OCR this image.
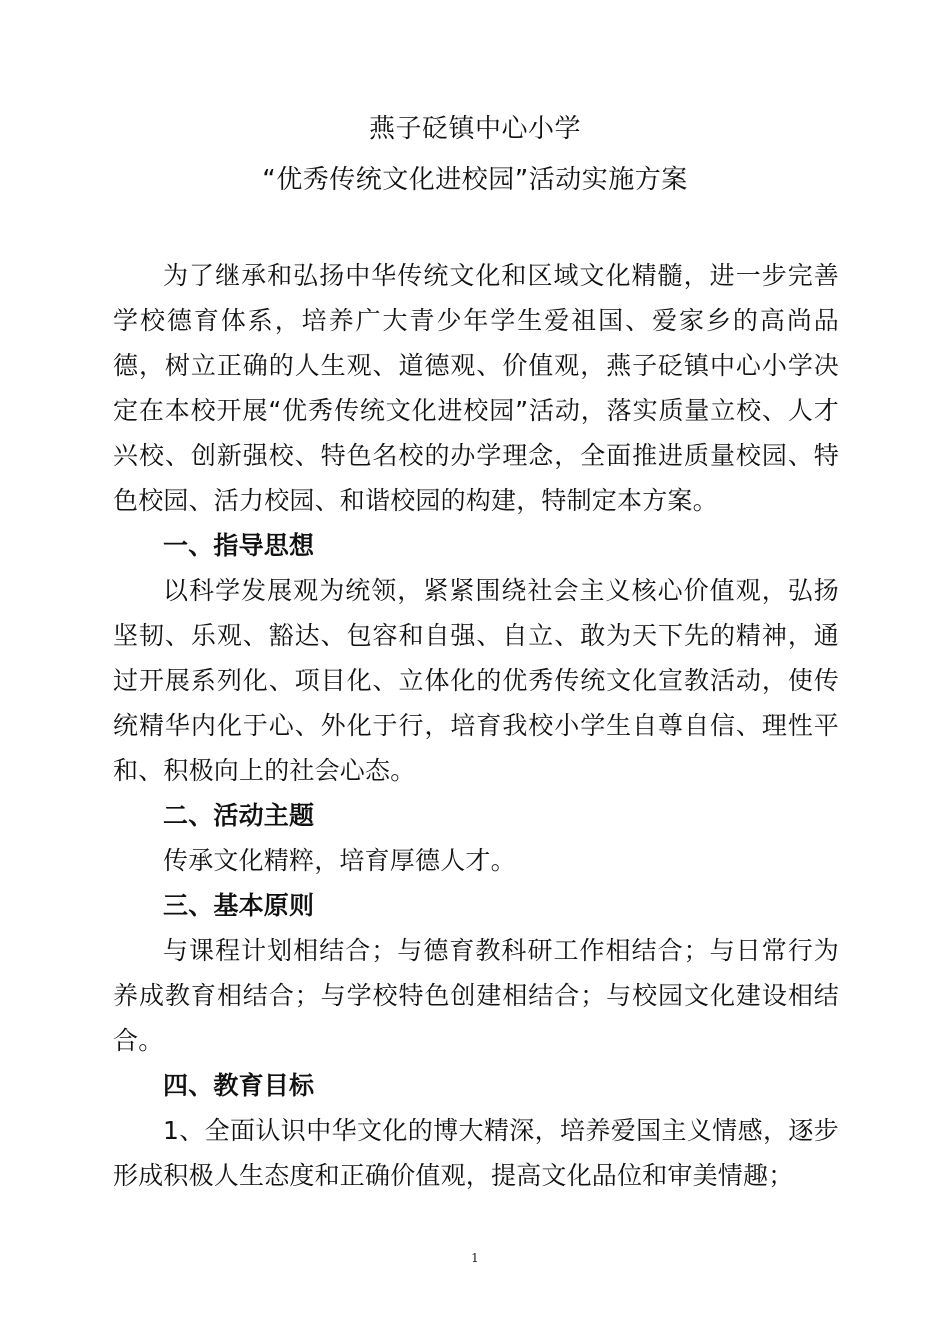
燕子砭镇中心小学
“优秀传统文化进校园”活动实施方案

为了继承和弘扬中华传统文化和区域文化精髓，进一步完善学校德育体系，培养广大青少年学生爱祖国、爱家乡的高尚品德，树立正确的人生观、道德观、价值观，燕子砭镇中心小学决定在本校开展“优秀传统文化进校园”活动，落实质量立校、人才兴校、创新强校、特色名校的办学理念，全面推进质量校园、特色校园、活力校园、和谐校园的构建，特制定本方案。

一、指导思想

以科学发展观为统领，紧紧围绕社会主义核心价值观，弘扬坚韧、乐观、豁达、包容和自强、自立、敢为天下先的精神，通过开展系列化、项目化、立体化的优秀传统文化宣教活动，使传统精华内化于心、外化于行，培育我校小学生自尊自信、理性平和、积极向上的社会心态。

二、活动主题

传承文化精粹，培育厚德人才。

三、基本原则

与课程计划相结合；与德育教科研工作相结合；与日常行为养成教育相结合；与学校特色创建相结合；与校园文化建设相结合。

四、教育目标

1、全面认识中华文化的博大精深，培养爱国主义情感，逐步形成积极人生态度和正确价值观，提高文化品位和审美情趣；

1
